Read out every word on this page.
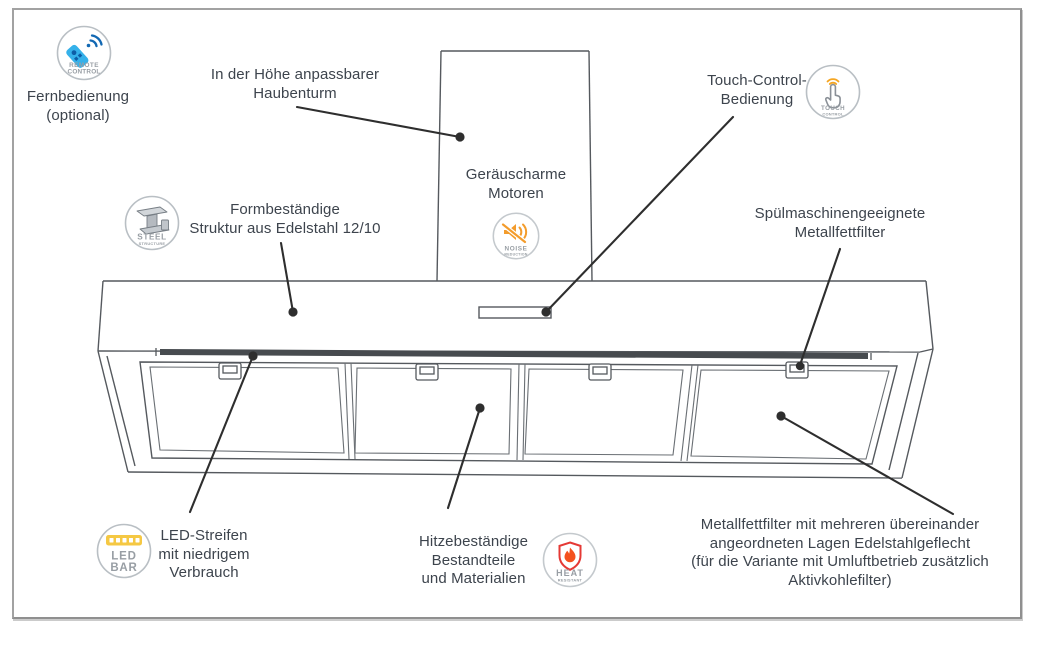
Fernbedienung
(optional)
In der Höhe anpassbarer
Haubenturm
Touch-Control-
Bedienung
Geräuscharme
Motoren
Formbeständige
Struktur aus Edelstahl 12/10
Spülmaschinengeeignete
Metallfettfilter
LED-Streifen
mit niedrigem
Verbrauch
Hitzebeständige
Bestandteile
und Materialien
Metallfettfilter mit mehreren übereinander
angeordneten Lagen Edelstahlgeflecht
(für die Variante mit Umluftbetrieb zusätzlich
Aktivkohlefilter)
REMOTE
CONTROL
TOUCH
CONTROL
STEEL
STRUCTURE
NOISE
REDUCTION
HEAT
RESISTANT
LED
BAR
